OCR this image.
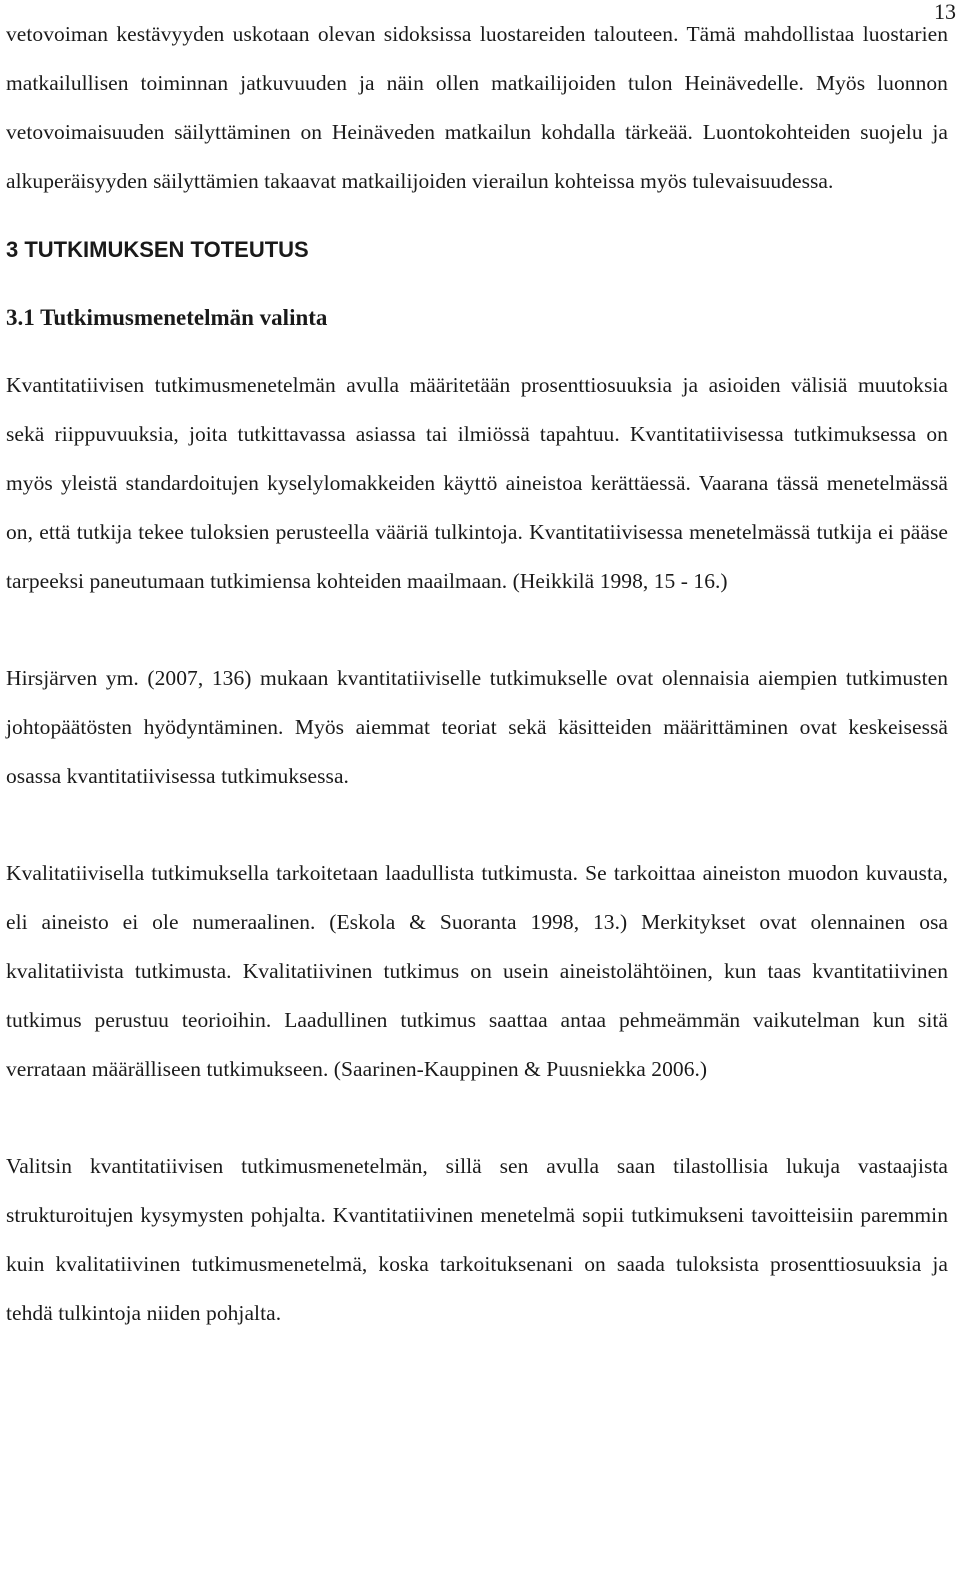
13

vetovoiman kestävyyden uskotaan olevan sidoksissa luostareiden talouteen. Tämä mahdollistaa luostarien matkailullisen toiminnan jatkuvuuden ja näin ollen matkailijoiden tulon Heinävedelle. Myös luonnon vetovoimaisuuden säilyttäminen on Heinäveden matkailun kohdalla tärkeää. Luontokohteiden suojelu ja alkuperäisyyden säilyttämien takaavat matkailijoiden vierailun kohteissa myös tulevaisuudessa.

3 TUTKIMUKSEN TOTEUTUS
3.1 Tutkimusmenetelmän valinta

Kvantitatiivisen tutkimusmenetelmän avulla määritetään prosenttiosuuksia ja asioiden välisiä muutoksia sekä riippuvuuksia, joita tutkittavassa asiassa tai ilmiössä tapahtuu. Kvantitatiivisessa tutkimuksessa on myös yleistä standardoitujen kyselylomakkeiden käyttö aineistoa kerättäessä. Vaarana tässä menetelmässä on, että tutkija tekee tuloksien perusteella vääriä tulkintoja. Kvantitatiivisessa menetelmässä tutkija ei pääse tarpeeksi paneutumaan tutkimiensa kohteiden maailmaan. (Heikkilä 1998, 15 - 16.)

Hirsjärven ym. (2007, 136) mukaan kvantitatiiviselle tutkimukselle ovat olennaisia aiempien tutkimusten johtopäätösten hyödyntäminen. Myös aiemmat teoriat sekä käsitteiden määrittäminen ovat keskeisessä osassa kvantitatiivisessa tutkimuksessa.

Kvalitatiivisella tutkimuksella tarkoitetaan laadullista tutkimusta. Se tarkoittaa aineiston muodon kuvausta, eli aineisto ei ole numeraalinen. (Eskola & Suoranta 1998, 13.) Merkitykset ovat olennainen osa kvalitatiivista tutkimusta. Kvalitatiivinen tutkimus on usein aineistolähtöinen, kun taas kvantitatiivinen tutkimus perustuu teorioihin. Laadullinen tutkimus saattaa antaa pehmeämmän vaikutelman kun sitä verrataan määrälliseen tutkimukseen. (Saarinen-Kauppinen & Puusniekka 2006.)

Valitsin kvantitatiivisen tutkimusmenetelmän, sillä sen avulla saan tilastollisia lukuja vastaajista strukturoitujen kysymysten pohjalta. Kvantitatiivinen menetelmä sopii tutkimukseni tavoitteisiin paremmin kuin kvalitatiivinen tutkimusmenetelmä, koska tarkoituksenani on saada tuloksista prosenttiosuuksia ja tehdä tulkintoja niiden pohjalta.
